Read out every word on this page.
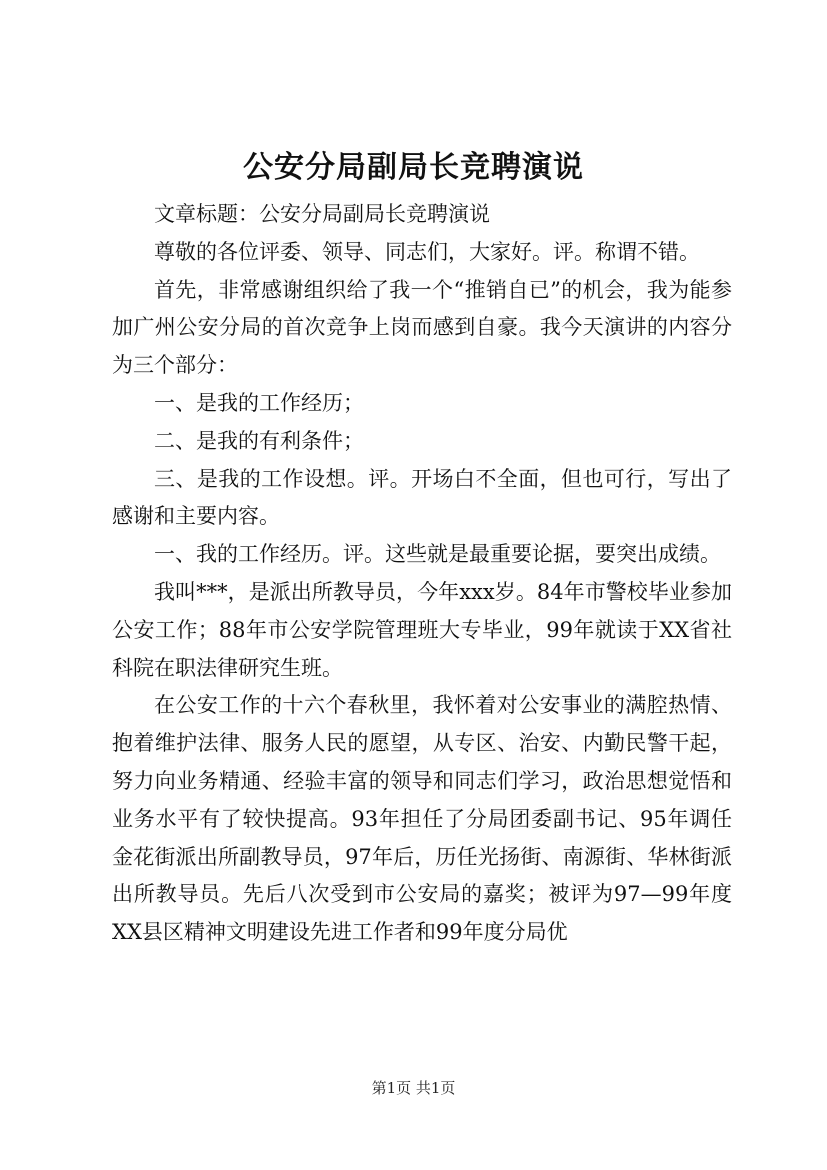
公安分局副局长竞聘演说

文章标题：公安分局副局长竞聘演说

尊敬的各位评委、领导、同志们，大家好。评。称谓不错。

首先，非常感谢组织给了我一个“推销自已”的机会，我为能参加广州公安分局的首次竞争上岗而感到自豪。我今天演讲的内容分为三个部分：

一、是我的工作经历；

二、是我的有利条件；

三、是我的工作设想。评。开场白不全面，但也可行，写出了感谢和主要内容。

一、我的工作经历。评。这些就是最重要论据，要突出成绩。

我叫***，是派出所教导员，今年xxx岁。84年市警校毕业参加公安工作；88年市公安学院管理班大专毕业，99年就读于XX省社科院在职法律研究生班。

在公安工作的十六个春秋里，我怀着对公安事业的满腔热情、抱着维护法律、服务人民的愿望，从专区、治安、内勤民警干起，努力向业务精通、经验丰富的领导和同志们学习，政治思想觉悟和业务水平有了较快提高。93年担任了分局团委副书记、95年调任金花街派出所副教导员，97年后，历任光扬街、南源街、华林街派出所教导员。先后八次受到市公安局的嘉奖；被评为97—99年度XX县区精神文明建设先进工作者和99年度分局优

第1页 共1页
